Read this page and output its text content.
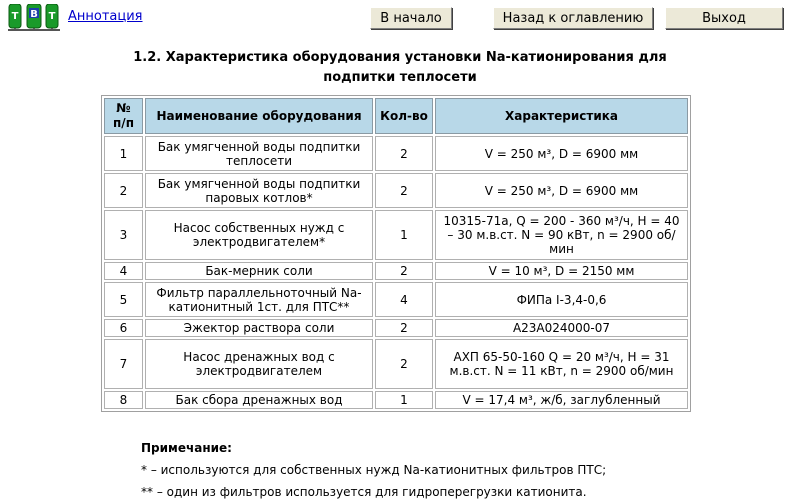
Т В Т Аннотация	В начало	Назад к оглавлению	Выход
1.2. Характеристика оборудования установки Na-катионирования для
подпитки теплосети
№ п/п	Наименование оборудования	Кол-во	Характеристика
1	Бак умягченной воды подпитки теплосети	2	V = 250 м³, D = 6900 мм
2	Бак умягченной воды подпитки паровых котлов*	2	V = 250 м³, D = 6900 мм
3	Насос собственных нужд с электродвигателем*	1	10315-71а, Q = 200 - 360 м³/ч, Н = 40 – 30 м.в.ст. N = 90 кВт, n = 2900 об/мин
4	Бак-мерник соли	2	V = 10 м³, D = 2150 мм
5	Фильтр параллельноточный Na-катионитный 1ст. для ПТС**	4	ФИПа I-3,4-0,6
6	Эжектор раствора соли	2	А23А024000-07
7	Насос дренажных вод с электродвигателем	2	АХП 65-50-160 Q = 20 м³/ч, Н = 31 м.в.ст. N = 11 кВт, n = 2900 об/мин
8	Бак сбора дренажных вод	1	V = 17,4 м³, ж/б, заглубленный
Примечание:
* – используются для собственных нужд Na-катионитных фильтров ПТС;
** – один из фильтров используется для гидроперегрузки катионита.
